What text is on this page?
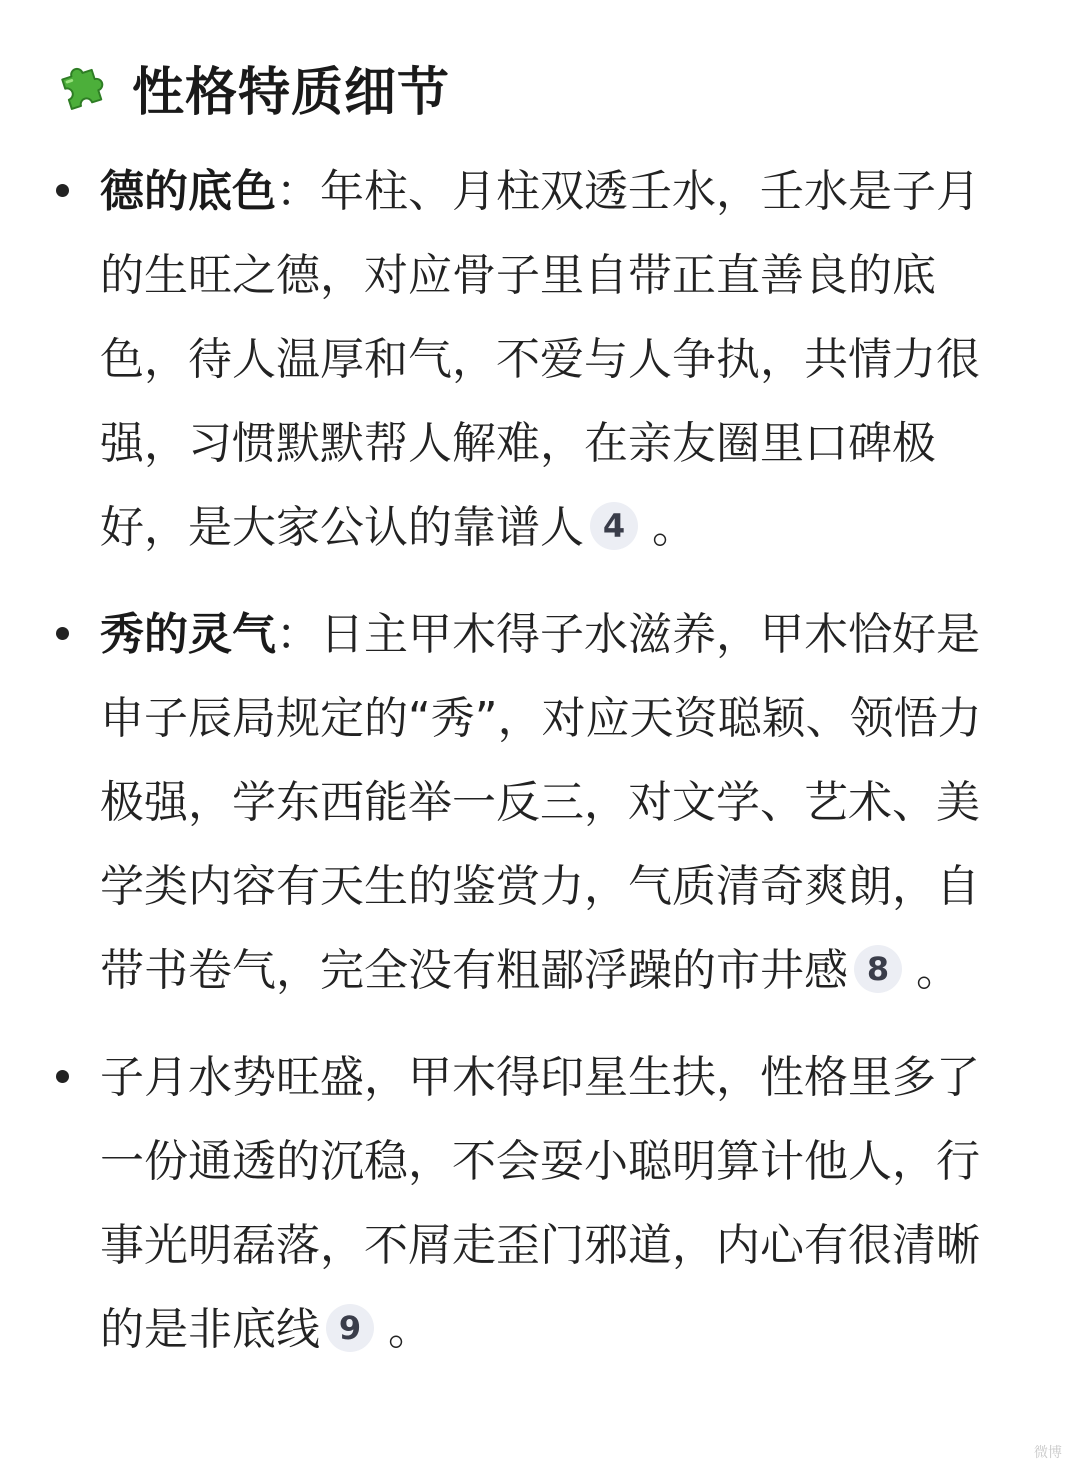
性格特质细节
德的底色：年柱、月柱双透壬水，壬水是子月的生旺之德，对应骨子里自带正直善良的底色，待人温厚和气，不爱与人争执，共情力很强，习惯默默帮人解难，在亲友圈里口碑极好，是大家公认的靠谱人 4 。
秀的灵气：日主甲木得子水滋养，甲木恰好是申子辰局规定的“秀”，对应天资聪颖、领悟力极强，学东西能举一反三，对文学、艺术、美学类内容有天生的鉴赏力，气质清奇爽朗，自带书卷气，完全没有粗鄙浮躁的市井感 8 。
子月水势旺盛，甲木得印星生扶，性格里多了一份通透的沉稳，不会耍小聪明算计他人，行事光明磊落，不屑走歪门邪道，内心有很清晰的是非底线 9 。
微博
